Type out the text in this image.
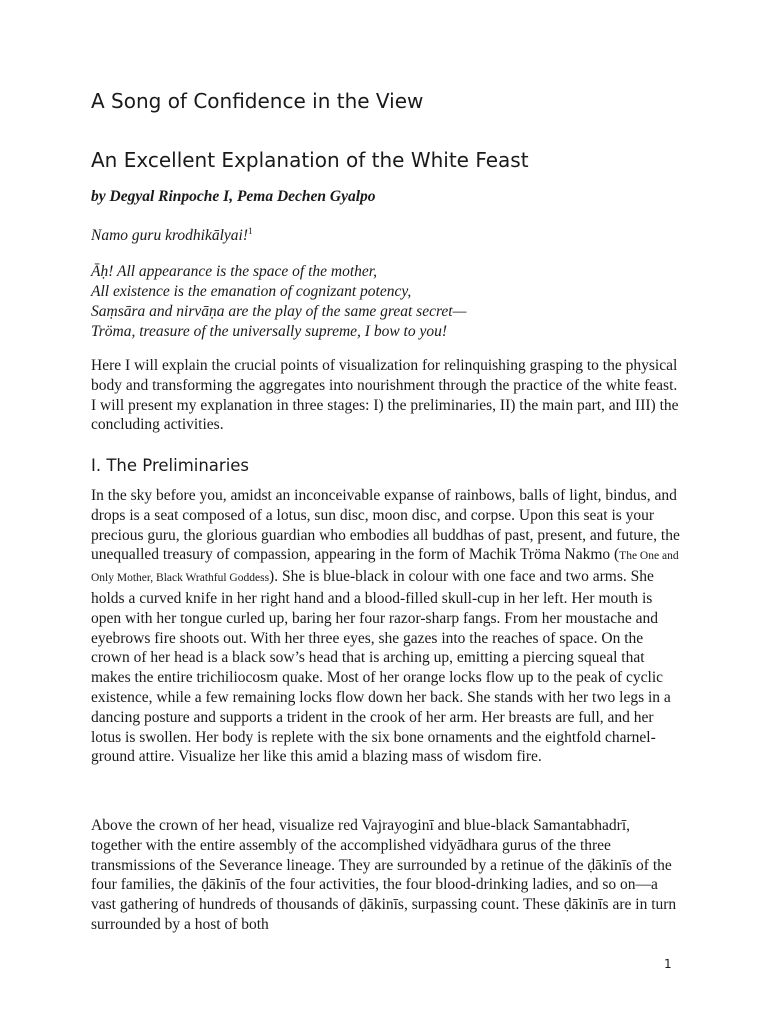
A Song of Confidence in the View
An Excellent Explanation of the White Feast
by Degyal Rinpoche I, Pema Dechen Gyalpo
Namo guru krodhikālyai!$^1$
Āḥ! All appearance is the space of the mother,
All existence is the emanation of cognizant potency,
Saṃsāra and nirvāṇa are the play of the same great secret—
Tröma, treasure of the universally supreme, I bow to you!

Here I will explain the crucial points of visualization for relinquishing grasping to the physical body and transforming the aggregates into nourishment through the practice of the white feast. I will present my explanation in three stages: I) the preliminaries, II) the main part, and III) the concluding activities.

I. The Preliminaries

In the sky before you, amidst an inconceivable expanse of rainbows, balls of light, bindus, and drops is a seat composed of a lotus, sun disc, moon disc, and corpse. Upon this seat is your precious guru, the glorious guardian who embodies all buddhas of past, present, and future, the unequalled treasury of compassion, appearing in the form of Machik Tröma Nakmo (The One and Only Mother, Black Wrathful Goddess). She is blue-black in colour with one face and two arms. She holds a curved knife in her right hand and a blood-filled skull-cup in her left. Her mouth is open with her tongue curled up, baring her four razor-sharp fangs. From her moustache and eyebrows fire shoots out. With her three eyes, she gazes into the reaches of space. On the crown of her head is a black sow’s head that is arching up, emitting a piercing squeal that makes the entire trichiliocosm quake. Most of her orange locks flow up to the peak of cyclic existence, while a few remaining locks flow down her back. She stands with her two legs in a dancing posture and supports a trident in the crook of her arm. Her breasts are full, and her lotus is swollen. Her body is replete with the six bone ornaments and the eightfold charnel-ground attire. Visualize her like this amid a blazing mass of wisdom fire.

Above the crown of her head, visualize red Vajrayoginī and blue-black Samantabhadrī, together with the entire assembly of the accomplished vidyādhara gurus of the three transmissions of the Severance lineage. They are surrounded by a retinue of the ḍākinīs of the four families, the ḍākinīs of the four activities, the four blood-drinking ladies, and so on—a vast gathering of hundreds of thousands of ḍākinīs, surpassing count. These ḍākinīs are in turn surrounded by a host of both

1
